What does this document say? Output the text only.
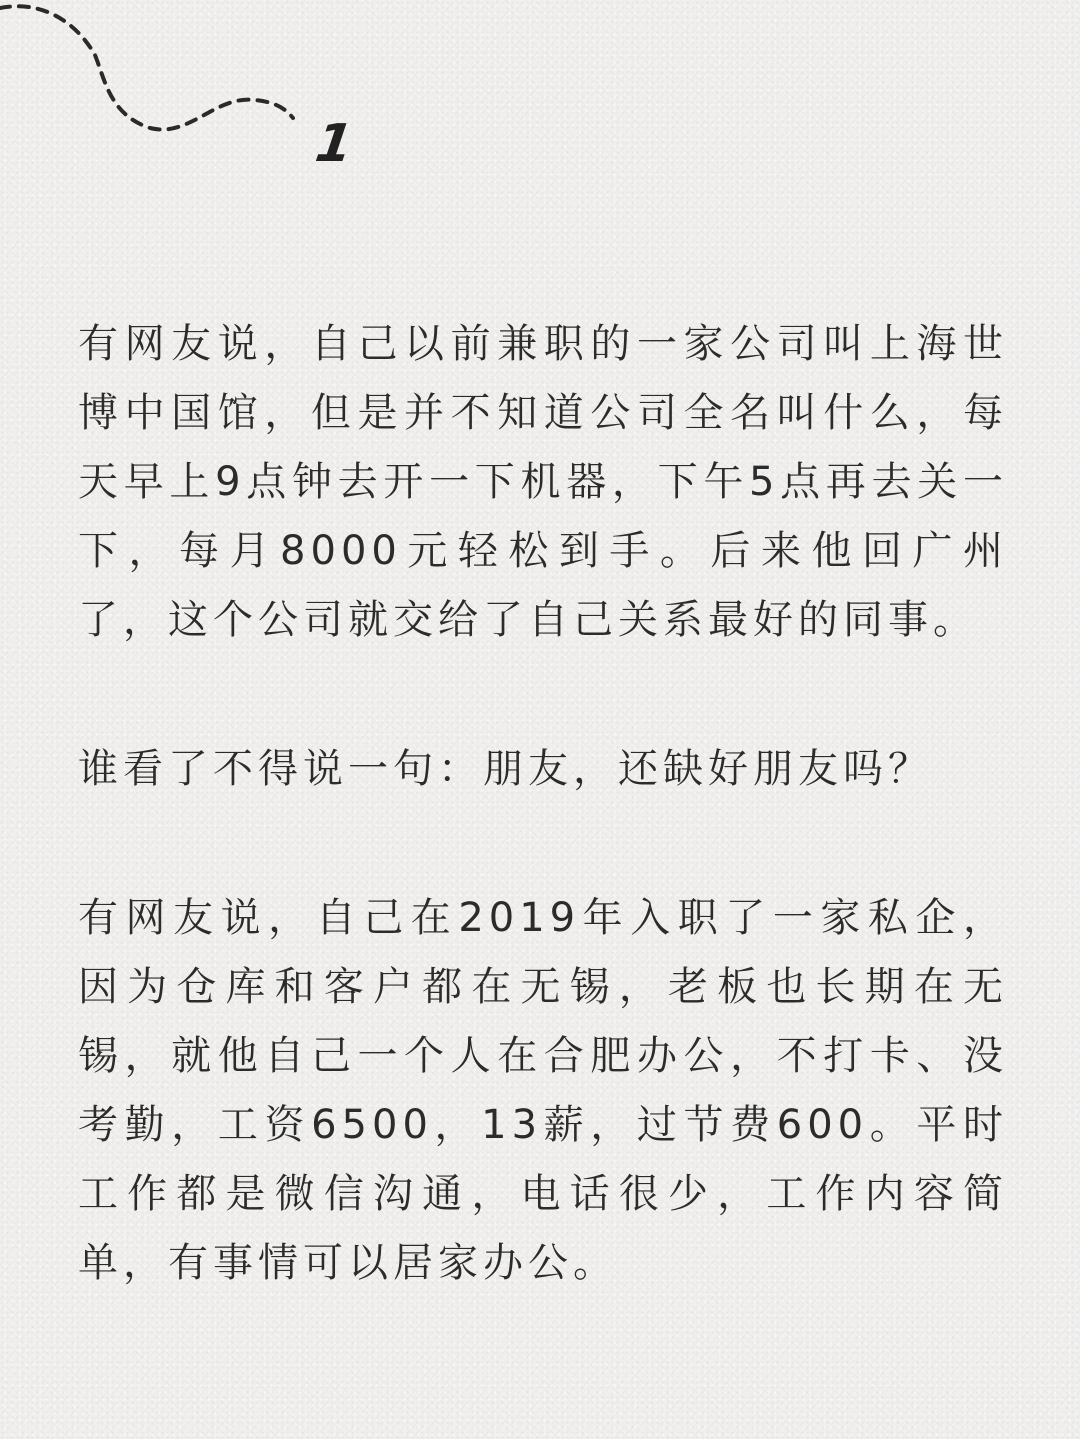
1

有网友说，自己以前兼职的一家公司叫上海世博中国馆，但是并不知道公司全名叫什么，每天早上9点钟去开一下机器，下午5点再去关一下，每月8000元轻松到手。后来他回广州了，这个公司就交给了自己关系最好的同事。

谁看了不得说一句：朋友，还缺好朋友吗？

有网友说，自己在2019年入职了一家私企，因为仓库和客户都在无锡，老板也长期在无锡，就他自己一个人在合肥办公，不打卡、没考勤，工资6500，13薪，过节费600。平时工作都是微信沟通，电话很少，工作内容简单，有事情可以居家办公。
